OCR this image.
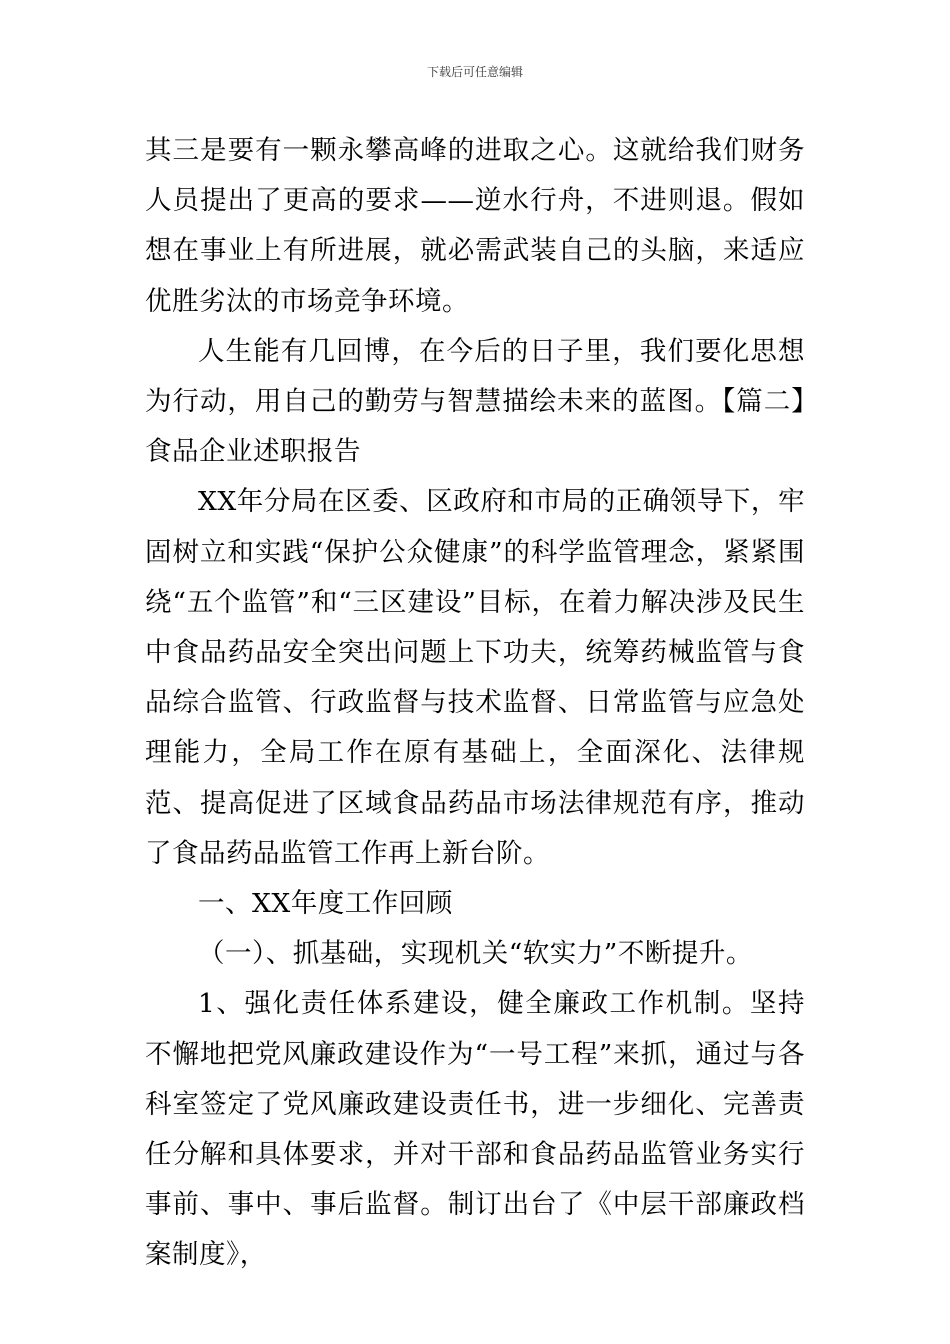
下载后可任意编辑

其三是要有一颗永攀高峰的进取之心。这就给我们财务人员提出了更高的要求——逆水行舟，不进则退。假如想在事业上有所进展，就必需武装自己的头脑，来适应优胜劣汰的市场竞争环境。

人生能有几回博，在今后的日子里，我们要化思想为行动，用自己的勤劳与智慧描绘未来的蓝图。【篇二】食品企业述职报告

XX年分局在区委、区政府和市局的正确领导下，牢固树立和实践“保护公众健康”的科学监管理念，紧紧围绕“五个监管”和“三区建设”目标，在着力解决涉及民生中食品药品安全突出问题上下功夫，统筹药械监管与食品综合监管、行政监督与技术监督、日常监管与应急处理能力，全局工作在原有基础上，全面深化、法律规范、提高促进了区域食品药品市场法律规范有序，推动了食品药品监管工作再上新台阶。

一、XX年度工作回顾

（一）、抓基础，实现机关“软实力”不断提升。

1、强化责任体系建设，健全廉政工作机制。坚持不懈地把党风廉政建设作为“一号工程”来抓，通过与各科室签定了党风廉政建设责任书，进一步细化、完善责任分解和具体要求，并对干部和食品药品监管业务实行事前、事中、事后监督。制订出台了《中层干部廉政档案制度》，
